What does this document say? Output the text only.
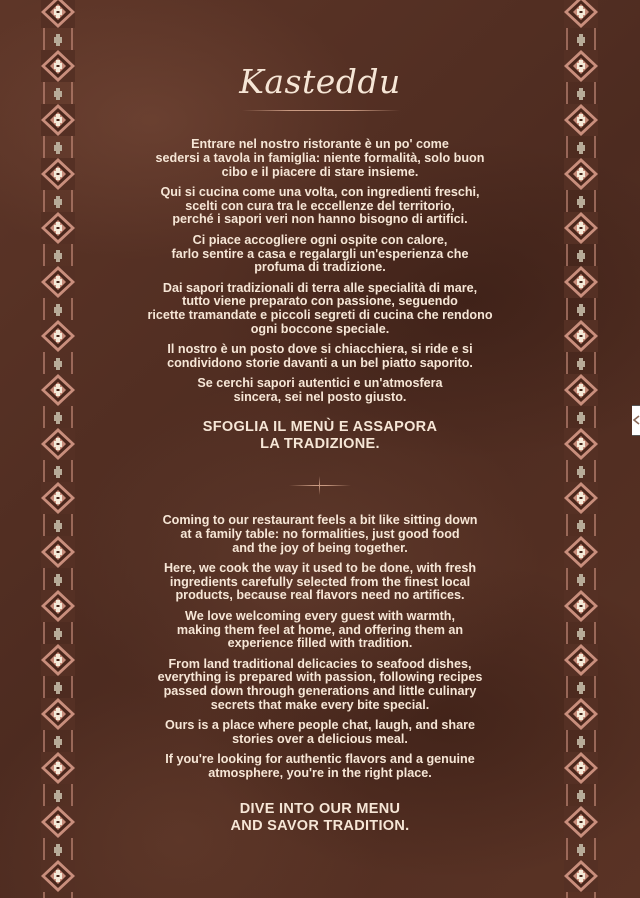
Kasteddu

Entrare nel nostro ristorante è un po' come
sedersi a tavola in famiglia: niente formalità, solo buon
cibo e il piacere di stare insieme.

Qui si cucina come una volta, con ingredienti freschi,
scelti con cura tra le eccellenze del territorio,
perché i sapori veri non hanno bisogno di artifici.

Ci piace accogliere ogni ospite con calore,
farlo sentire a casa e regalargli un'esperienza che
profuma di tradizione.

Dai sapori tradizionali di terra alle specialità di mare,
tutto viene preparato con passione, seguendo
ricette tramandate e piccoli segreti di cucina che rendono
ogni boccone speciale.

Il nostro è un posto dove si chiacchiera, si ride e si
condividono storie davanti a un bel piatto saporito.

Se cerchi sapori autentici e un'atmosfera
sincera, sei nel posto giusto.

SFOGLIA IL MENÙ E ASSAPORA
LA TRADIZIONE.

Coming to our restaurant feels a bit like sitting down
at a family table: no formalities, just good food
and the joy of being together.

Here, we cook the way it used to be done, with fresh
ingredients carefully selected from the finest local
products, because real flavors need no artifices.

We love welcoming every guest with warmth,
making them feel at home, and offering them an
experience filled with tradition.

From land traditional delicacies to seafood dishes,
everything is prepared with passion, following recipes
passed down through generations and little culinary
secrets that make every bite special.

Ours is a place where people chat, laugh, and share
stories over a delicious meal.

If you're looking for authentic flavors and a genuine
atmosphere, you're in the right place.

DIVE INTO OUR MENU
AND SAVOR TRADITION.
